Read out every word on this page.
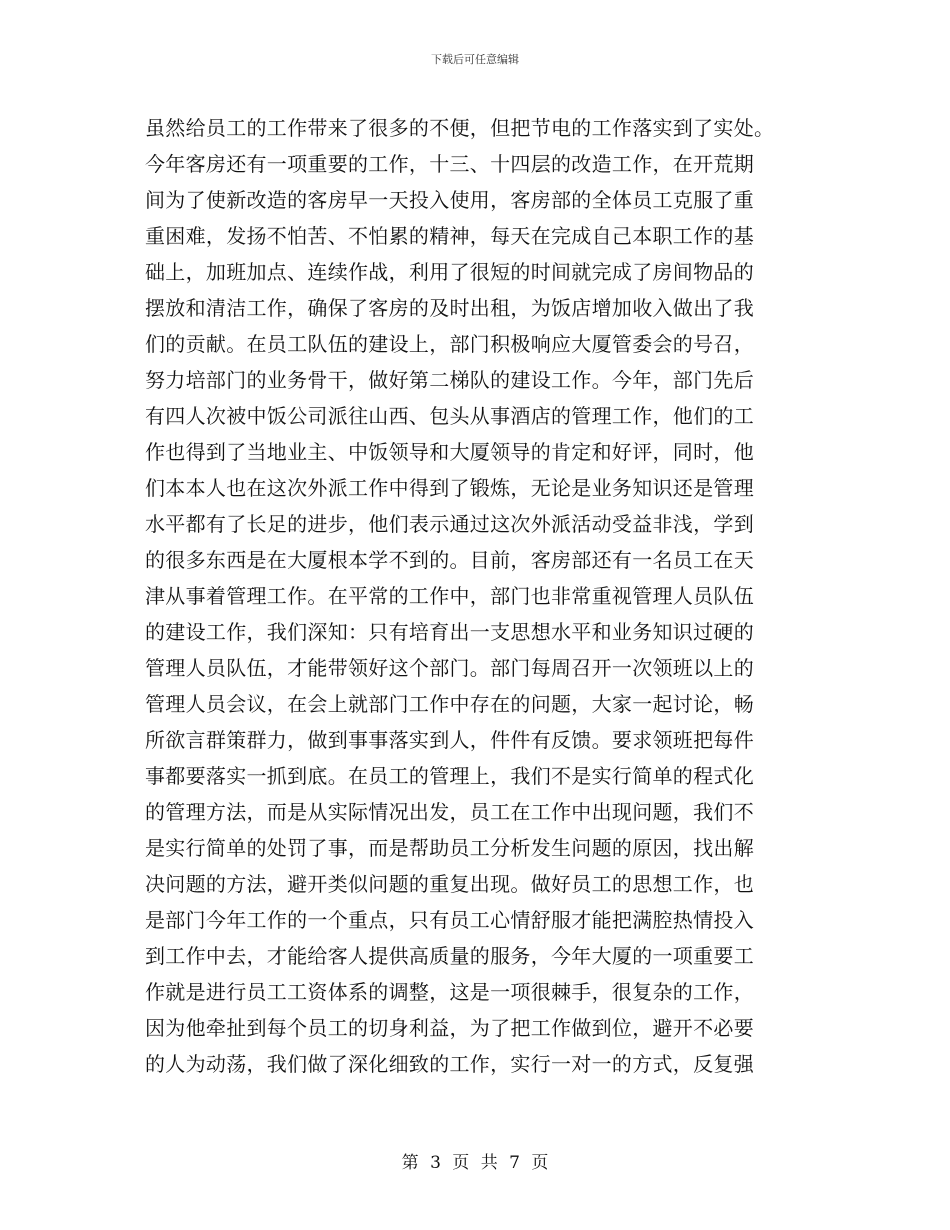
下载后可任意编辑
虽然给员工的工作带来了很多的不便，但把节电的工作落实到了实处。
今年客房还有一项重要的工作，十三、十四层的改造工作，在开荒期
间为了使新改造的客房早一天投入使用，客房部的全体员工克服了重
重困难，发扬不怕苦、不怕累的精神，每天在完成自己本职工作的基
础上，加班加点、连续作战，利用了很短的时间就完成了房间物品的
摆放和清洁工作，确保了客房的及时出租，为饭店增加收入做出了我
们的贡献。在员工队伍的建设上，部门积极响应大厦管委会的号召，
努力培部门的业务骨干，做好第二梯队的建设工作。今年，部门先后
有四人次被中饭公司派往山西、包头从事酒店的管理工作，他们的工
作也得到了当地业主、中饭领导和大厦领导的肯定和好评，同时，他
们本本人也在这次外派工作中得到了锻炼，无论是业务知识还是管理
水平都有了长足的进步，他们表示通过这次外派活动受益非浅，学到
的很多东西是在大厦根本学不到的。目前，客房部还有一名员工在天
津从事着管理工作。在平常的工作中，部门也非常重视管理人员队伍
的建设工作，我们深知：只有培育出一支思想水平和业务知识过硬的
管理人员队伍，才能带领好这个部门。部门每周召开一次领班以上的
管理人员会议，在会上就部门工作中存在的问题，大家一起讨论，畅
所欲言群策群力，做到事事落实到人，件件有反馈。要求领班把每件
事都要落实一抓到底。在员工的管理上，我们不是实行简单的程式化
的管理方法，而是从实际情况出发，员工在工作中出现问题，我们不
是实行简单的处罚了事，而是帮助员工分析发生问题的原因，找出解
决问题的方法，避开类似问题的重复出现。做好员工的思想工作，也
是部门今年工作的一个重点，只有员工心情舒服才能把满腔热情投入
到工作中去，才能给客人提供高质量的服务，今年大厦的一项重要工
作就是进行员工工资体系的调整，这是一项很棘手，很复杂的工作，
因为他牵扯到每个员工的切身利益，为了把工作做到位，避开不必要
的人为动荡，我们做了深化细致的工作，实行一对一的方式，反复强
第 3 页 共 7 页
